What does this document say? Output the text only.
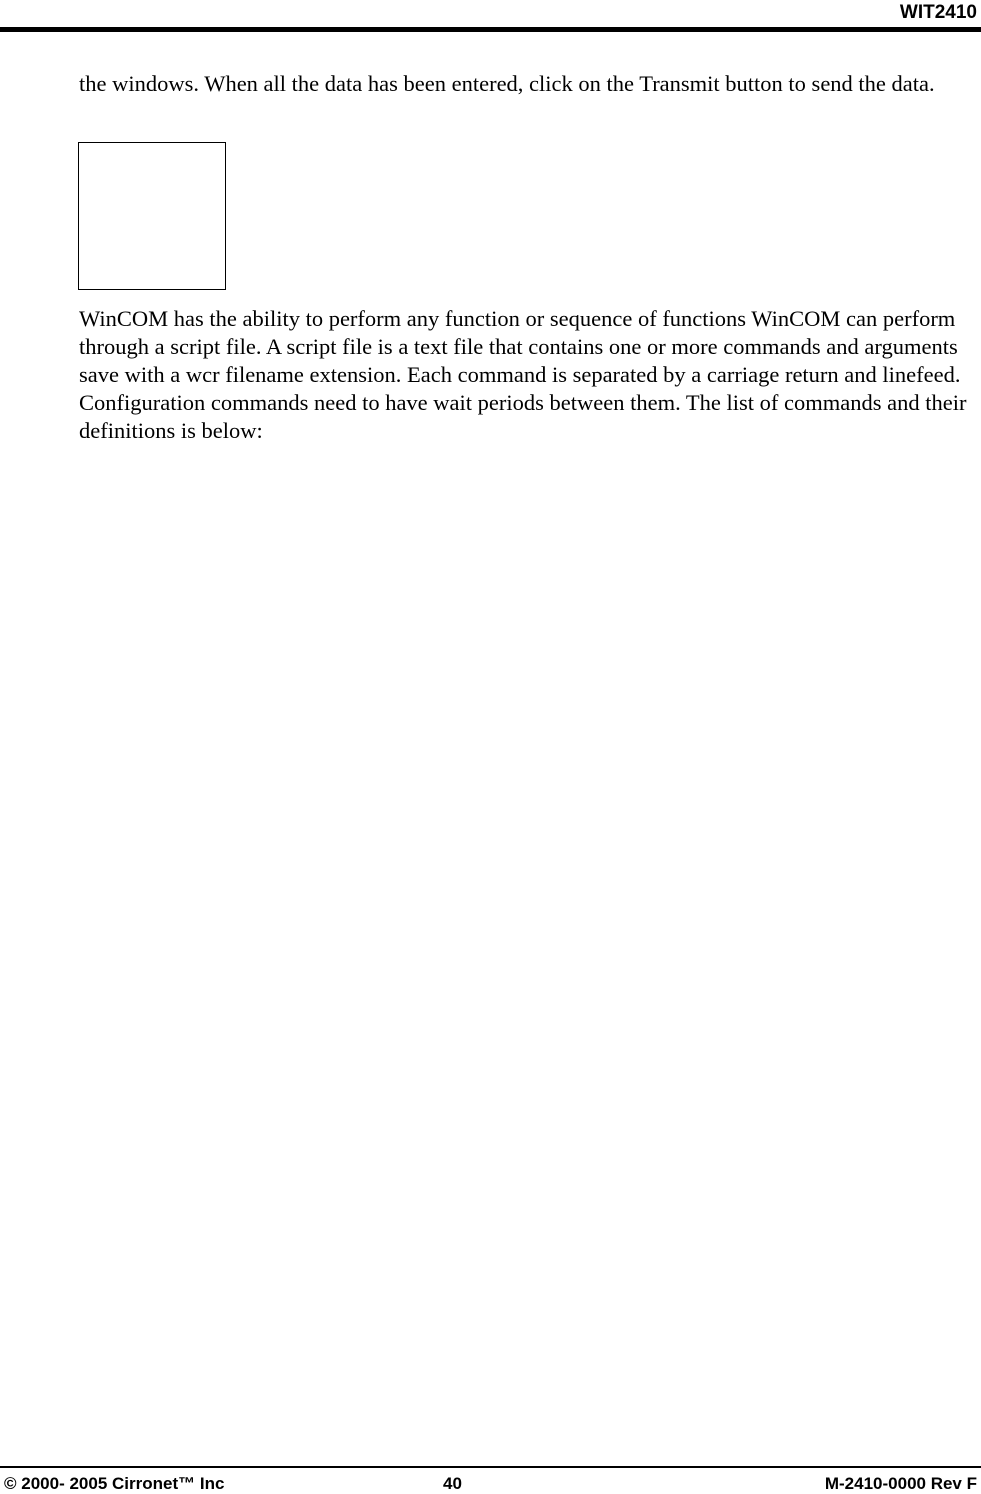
WIT2410

the windows. When all the data has been entered, click on the Transmit button to send the data.

WinCOM has the ability to perform any function or sequence of functions WinCOM can perform through a script file. A script file is a text file that contains one or more commands and arguments save with a wcr filename extension. Each command is separated by a carriage return and linefeed. Configuration commands need to have wait periods between them. The list of commands and their definitions is below:

© 2000- 2005 Cirronet™ Inc	40	M-2410-0000 Rev F
